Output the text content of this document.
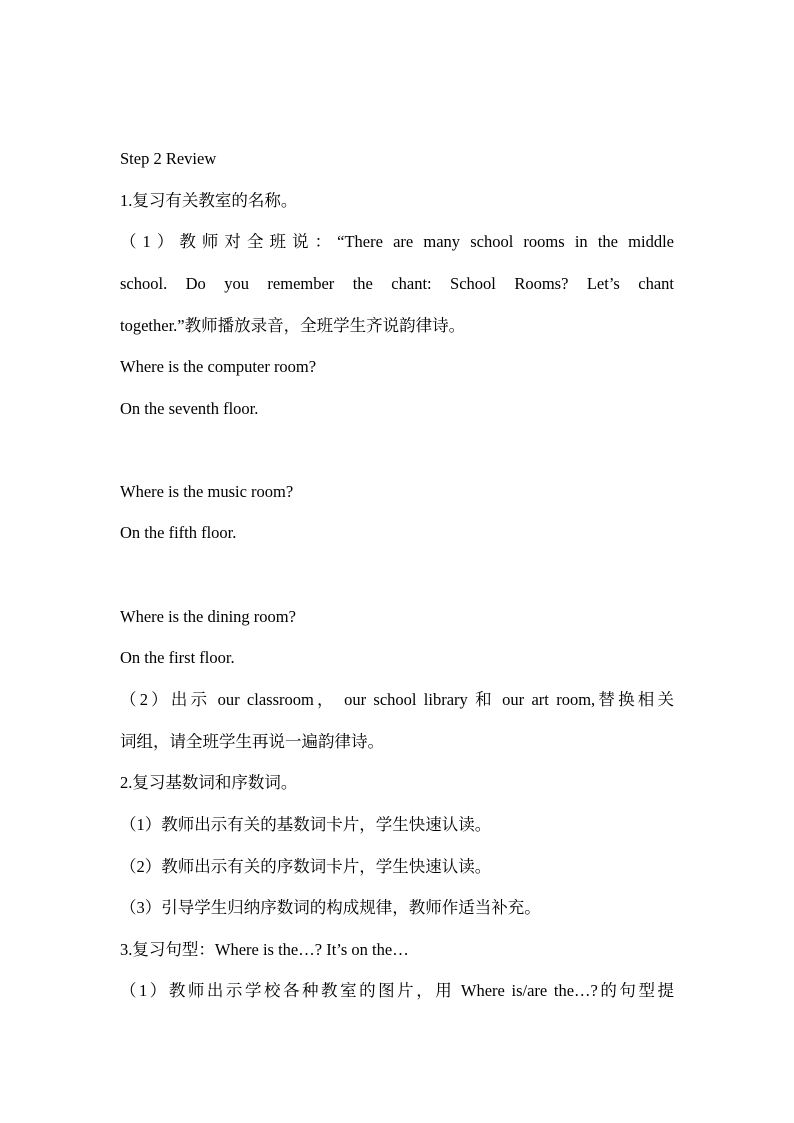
Step 2 Review

1.复习有关教室的名称。

（1）教师对全班说：“There are many school rooms in the middle

school. Do you remember the chant: School Rooms? Let’s chant

together.”教师播放录音，全班学生齐说韵律诗。

Where is the computer room?

On the seventh floor.

Where is the music room?

On the fifth floor.

Where is the dining room?

On the first floor.

（2）出示 our classroom， our school library 和 our art room,替换相关

词组，请全班学生再说一遍韵律诗。

2.复习基数词和序数词。

（1）教师出示有关的基数词卡片，学生快速认读。

（2）教师出示有关的序数词卡片，学生快速认读。

（3）引导学生归纳序数词的构成规律，教师作适当补充。

3.复习句型：Where is the…? It’s on the…

（1）教师出示学校各种教室的图片，用 Where is/are the…?的句型提
